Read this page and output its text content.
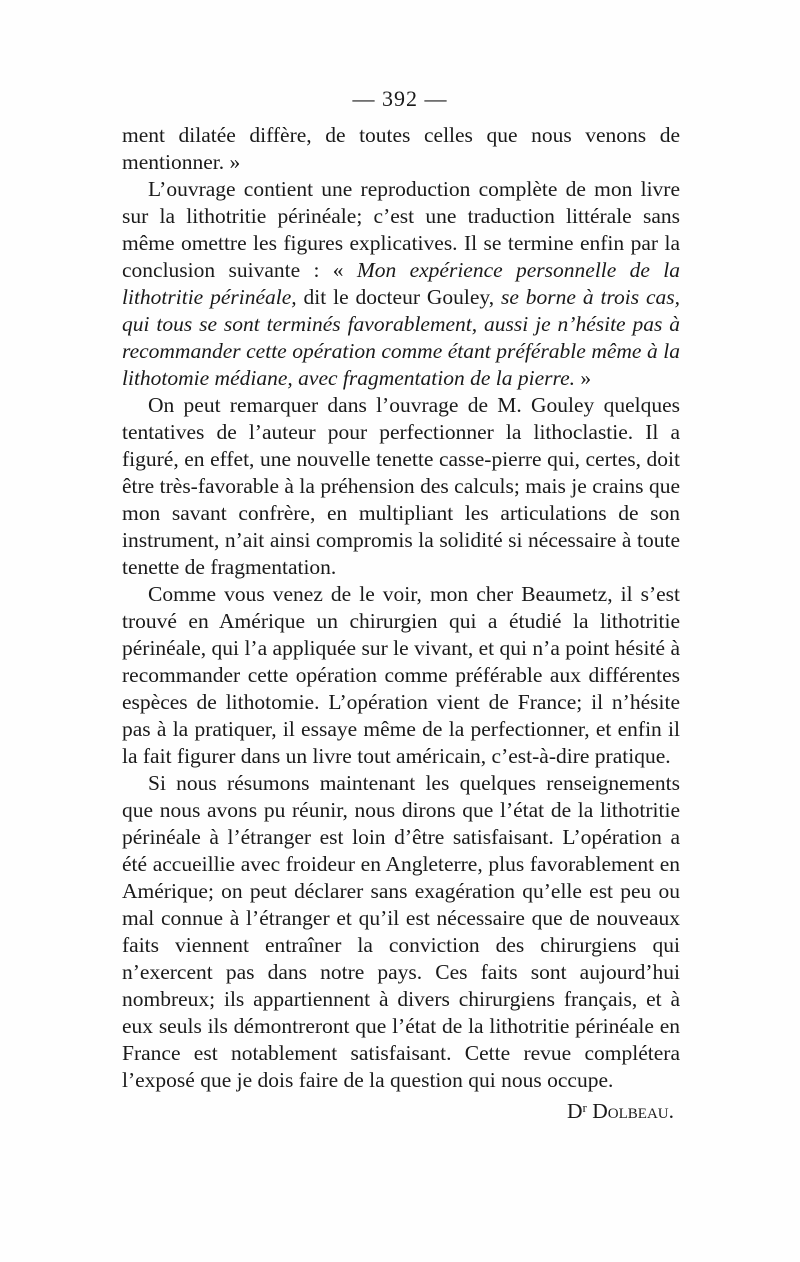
— 392 —

ment dilatée diffère, de toutes celles que nous venons de mentionner. »

L’ouvrage contient une reproduction complète de mon livre sur la lithotritie périnéale; c’est une traduction littérale sans même omettre les figures explicatives. Il se termine enfin par la conclusion suivante : « Mon expérience personnelle de la lithotritie périnéale, dit le docteur Gouley, se borne à trois cas, qui tous se sont terminés favorablement, aussi je n’hésite pas à recommander cette opération comme étant préférable même à la lithotomie médiane, avec fragmentation de la pierre. »

On peut remarquer dans l’ouvrage de M. Gouley quelques tentatives de l’auteur pour perfectionner la lithoclastie. Il a figuré, en effet, une nouvelle tenette casse-pierre qui, certes, doit être très-favorable à la préhension des calculs; mais je crains que mon savant confrère, en multipliant les articulations de son instrument, n’ait ainsi compromis la solidité si nécessaire à toute tenette de fragmentation.

Comme vous venez de le voir, mon cher Beaumetz, il s’est trouvé en Amérique un chirurgien qui a étudié la lithotritie périnéale, qui l’a appliquée sur le vivant, et qui n’a point hésité à recommander cette opération comme préférable aux différentes espèces de lithotomie. L’opération vient de France; il n’hésite pas à la pratiquer, il essaye même de la perfectionner, et enfin il la fait figurer dans un livre tout américain, c’est-à-dire pratique.

Si nous résumons maintenant les quelques renseignements que nous avons pu réunir, nous dirons que l’état de la lithotritie périnéale à l’étranger est loin d’être satisfaisant. L’opération a été accueillie avec froideur en Angleterre, plus favorablement en Amérique; on peut déclarer sans exagération qu’elle est peu ou mal connue à l’étranger et qu’il est nécessaire que de nouveaux faits viennent entraîner la conviction des chirurgiens qui n’exercent pas dans notre pays. Ces faits sont aujourd’hui nombreux; ils appartiennent à divers chirurgiens français, et à eux seuls ils démontreront que l’état de la lithotritie périnéale en France est notablement satisfaisant. Cette revue complétera l’exposé que je dois faire de la question qui nous occupe.

$D^r$ Dolbeau.
